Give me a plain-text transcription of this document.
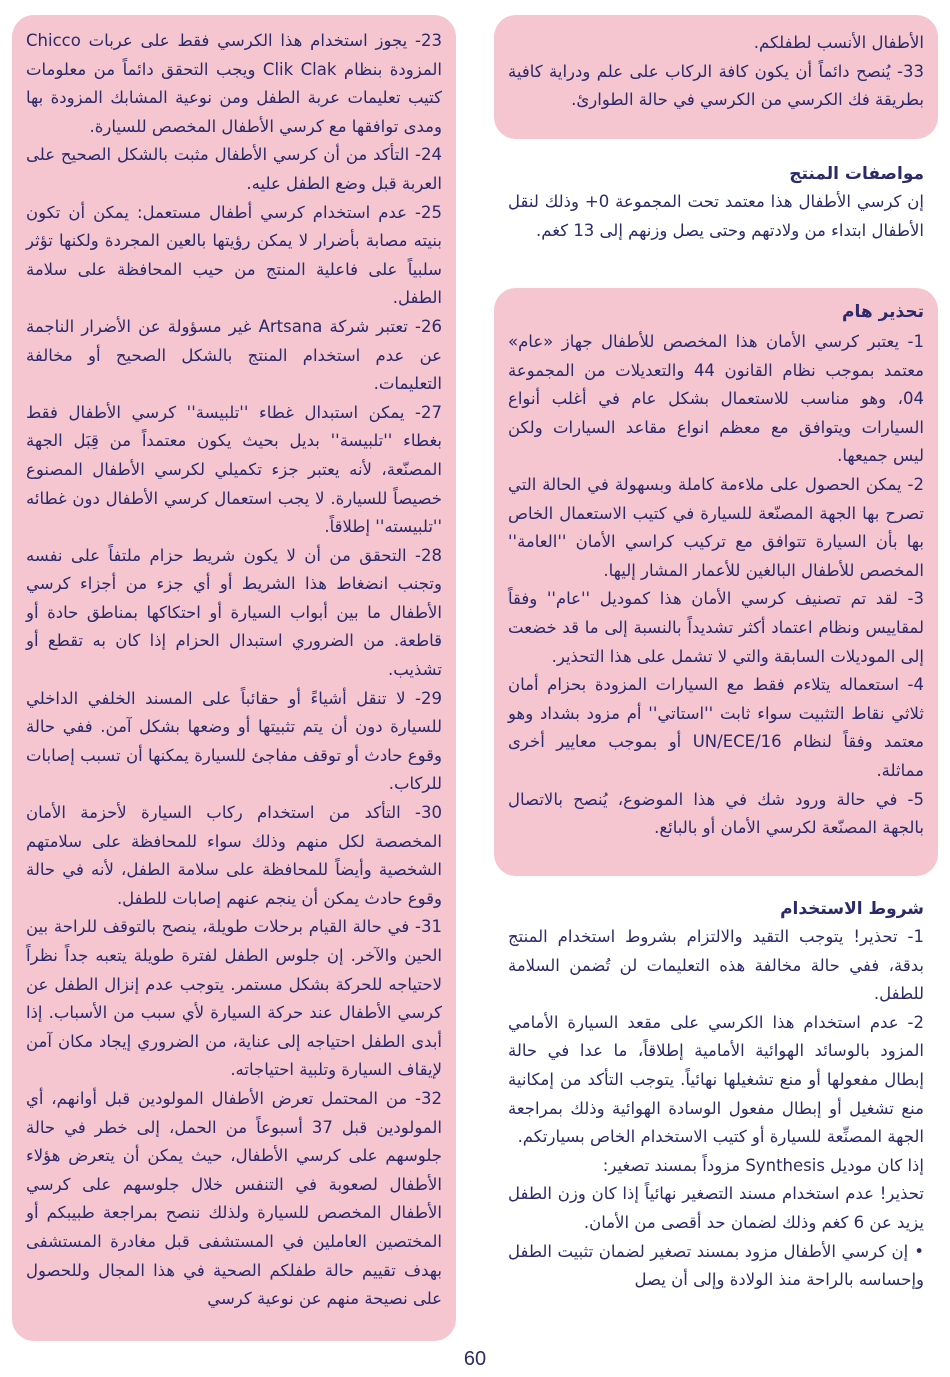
23- يجوز استخدام هذا الكرسي فقط على عربات Chicco المزودة بنظام Clik Clak ويجب التحقق دائماً من معلومات كتيب تعليمات عربة الطفل ومن نوعية المشابك المزودة بها ومدى توافقها مع كرسي الأطفال المخصص للسيارة.

24- التأكد من أن كرسي الأطفال مثبت بالشكل الصحيح على العربة قبل وضع الطفل عليه.

25- عدم استخدام كرسي أطفال مستعمل: يمكن أن تكون بنيته مصابة بأضرار لا يمكن رؤيتها بالعين المجردة ولكنها تؤثر سلبياً على فاعلية المنتج من حيب المحافظة على سلامة الطفل.

26- تعتبر شركة Artsana غير مسؤولة عن الأضرار الناجمة عن عدم استخدام المنتج بالشكل الصحيح أو مخالفة التعليمات.

27- يمكن استبدال غطاء ''تلبيسة'' كرسي الأطفال فقط بغطاء ''تلبيسة'' بديل بحيث يكون معتمداً من قِبَل الجهة المصنّعة، لأنه يعتبر جزء تكميلي لكرسي الأطفال المصنوع خصيصاً للسيارة. لا يجب استعمال كرسي الأطفال دون غطائه ''تلبيسته'' إطلاقاً.

28- التحقق من أن لا يكون شريط حزام ملتفاً على نفسه وتجنب انضغاط هذا الشريط أو أي جزء من أجزاء كرسي الأطفال ما بين أبواب السيارة أو احتكاكها بمناطق حادة أو قاطعة. من الضروري استبدال الحزام إذا كان به تقطع أو تشذيب.

29- لا تنقل أشياءً أو حقائباً على المسند الخلفي الداخلي للسيارة دون أن يتم تثبيتها أو وضعها بشكل آمن. ففي حالة وقوع حادث أو توقف مفاجئ للسيارة يمكنها أن تسبب إصابات للركاب.

30- التأكد من استخدام ركاب السيارة لأحزمة الأمان المخصصة لكل منهم وذلك سواء للمحافظة على سلامتهم الشخصية وأيضاً للمحافظة على سلامة الطفل، لأنه في حالة وقوع حادث يمكن أن ينجم عنهم إصابات للطفل.

31- في حالة القيام برحلات طويلة، ينصح بالتوقف للراحة بين الحين والآخر. إن جلوس الطفل لفترة طويلة يتعبه جداً نظراً لاحتياجه للحركة بشكل مستمر. يتوجب عدم إنزال الطفل عن كرسي الأطفال عند حركة السيارة لأي سبب من الأسباب. إذا أبدى الطفل احتياجه إلى عناية، من الضروري إيجاد مكان آمن لإيقاف السيارة وتلبية احتياجاته.

32- من المحتمل تعرض الأطفال المولودين قبل أوانهم، أي المولودين قبل 37 أسبوعاً من الحمل، إلى خطر في حالة جلوسهم على كرسي الأطفال، حيث يمكن أن يتعرض هؤلاء الأطفال لصعوبة في التنفس خلال جلوسهم على كرسي الأطفال المخصص للسيارة ولذلك ننصح بمراجعة طبيبكم أو المختصين العاملين في المستشفى قبل مغادرة المستشفى بهدف تقييم حالة طفلكم الصحية في هذا المجال وللحصول على نصيحة منهم عن نوعية كرسي

الأطفال الأنسب لطفلكم.

33- يُنصح دائماً أن يكون كافة الركاب على علم ودراية كافية بطريقة فك الكرسي من الكرسي في حالة الطوارئ.

مواصفات المنتج

إن كرسي الأطفال هذا معتمد تحت المجموعة 0+ وذلك لنقل الأطفال ابتداء من ولادتهم وحتى يصل وزنهم إلى 13 كغم.

تحذير هام

1- يعتبر كرسي الأمان هذا المخصص للأطفال جهاز «عام» معتمد بموجب نظام القانون 44 والتعديلات من المجموعة 04، وهو مناسب للاستعمال بشكل عام في أغلب أنواع السيارات ويتوافق مع معظم انواع مقاعد السيارات ولكن ليس جميعها.

2- يمكن الحصول على ملاءمة كاملة وبسهولة في الحالة التي تصرح بها الجهة المصنّعة للسيارة في كتيب الاستعمال الخاص بها بأن السيارة تتوافق مع تركيب كراسي الأمان ''العامة'' المخصص للأطفال البالغين للأعمار المشار إليها.

3- لقد تم تصنيف كرسي الأمان هذا كموديل ''عام'' وفقاً لمقاييس ونظام اعتماد أكثر تشديداً بالنسبة إلى ما قد خضعت إلى الموديلات السابقة والتي لا تشمل على هذا التحذير.

4- استعماله يتلاءم فقط مع السيارات المزودة بحزام أمان ثلاثي نقاط التثبيت سواء ثابت ''استاتي'' أم مزود بشداد وهو معتمد وفقاً لنظام UN/ECE/16 أو بموجب معايير أخرى مماثلة.

5- في حالة ورود شك في هذا الموضوع، يُنصح بالاتصال بالجهة المصنّعة لكرسي الأمان أو بالبائع.

شروط الاستخدام

1- تحذير! يتوجب التقيد والالتزام بشروط استخدام المنتج بدقة، ففي حالة مخالفة هذه التعليمات لن تُضمن السلامة للطفل.

2- عدم استخدام هذا الكرسي على مقعد السيارة الأمامي المزود بالوسائد الهوائية الأمامية إطلاقاً، ما عدا في حالة إبطال مفعولها أو منع تشغيلها نهائياً. يتوجب التأكد من إمكانية منع تشغيل أو إبطال مفعول الوسادة الهوائية وذلك بمراجعة الجهة المصنِّعة للسيارة أو كتيب الاستخدام الخاص بسيارتكم.

إذا كان موديل Synthesis مزوداً بمسند تصغير:

تحذير! عدم استخدام مسند التصغير نهائياً إذا كان وزن الطفل يزيد عن 6 كغم وذلك لضمان حد أقصى من الأمان.

• إن كرسي الأطفال مزود بمسند تصغير لضمان تثبيت الطفل وإحساسه بالراحة منذ الولادة وإلى أن يصل

60
